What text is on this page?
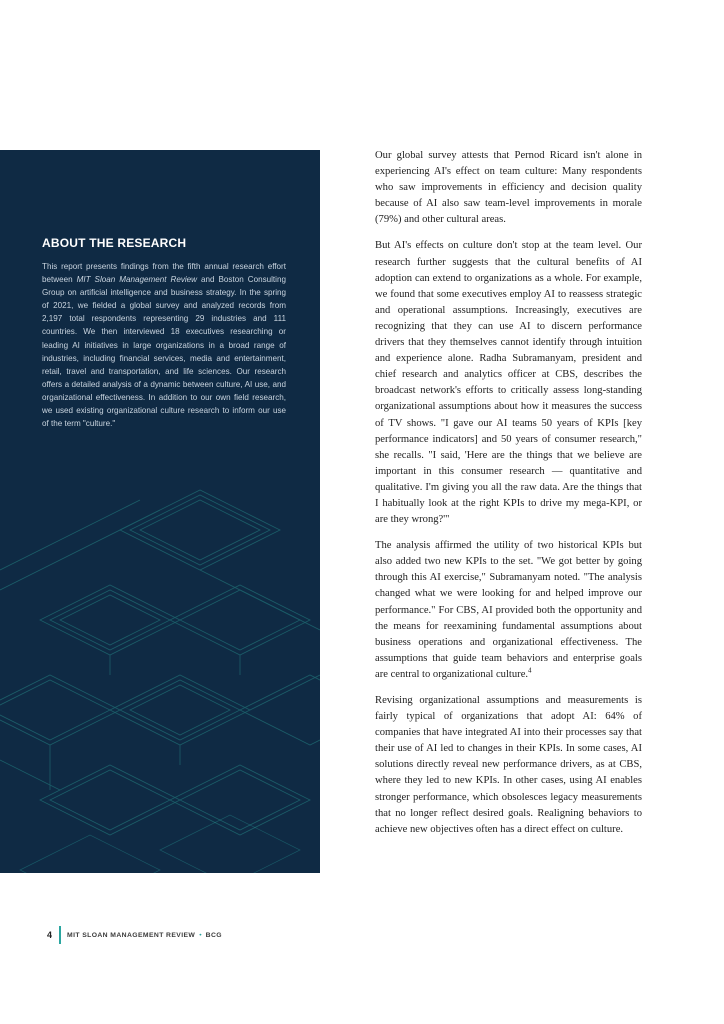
ABOUT THE RESEARCH

This report presents findings from the fifth annual research effort between MIT Sloan Management Review and Boston Consulting Group on artificial intelligence and business strategy. In the spring of 2021, we fielded a global survey and analyzed records from 2,197 total respondents representing 29 industries and 111 countries. We then interviewed 18 executives researching or leading AI initiatives in large organizations in a broad range of industries, including financial services, media and entertainment, retail, travel and transportation, and life sciences. Our research offers a detailed analysis of a dynamic between culture, AI use, and organizational effectiveness. In addition to our own field research, we used existing organizational culture research to inform our use of the term "culture."

Our global survey attests that Pernod Ricard isn't alone in experiencing AI's effect on team culture: Many respondents who saw improvements in efficiency and decision quality because of AI also saw team-level improvements in morale (79%) and other cultural areas.

But AI's effects on culture don't stop at the team level. Our research further suggests that the cultural benefits of AI adoption can extend to organizations as a whole. For example, we found that some executives employ AI to reassess strategic and operational assumptions. Increasingly, executives are recognizing that they can use AI to discern performance drivers that they themselves cannot identify through intuition and experience alone. Radha Subramanyam, president and chief research and analytics officer at CBS, describes the broadcast network's efforts to critically assess long-standing organizational assumptions about how it measures the success of TV shows. "I gave our AI teams 50 years of KPIs [key performance indicators] and 50 years of consumer research," she recalls. "I said, 'Here are the things that we believe are important in this consumer research — quantitative and qualitative. I'm giving you all the raw data. Are the things that I habitually look at the right KPIs to drive my mega-KPI, or are they wrong?'"

The analysis affirmed the utility of two historical KPIs but also added two new KPIs to the set. "We got better by going through this AI exercise," Subramanyam noted. "The analysis changed what we were looking for and helped improve our performance." For CBS, AI provided both the opportunity and the means for reexamining fundamental assumptions about business operations and organizational effectiveness. The assumptions that guide team behaviors and enterprise goals are central to organizational culture.$^4$

Revising organizational assumptions and measurements is fairly typical of organizations that adopt AI: 64% of companies that have integrated AI into their processes say that their use of AI led to changes in their KPIs. In some cases, AI solutions directly reveal new performance drivers, as at CBS, where they led to new KPIs. In other cases, using AI enables stronger performance, which obsolesces legacy measurements that no longer reflect desired goals. Realigning behaviors to achieve new objectives often has a direct effect on culture.

4 MIT SLOAN MANAGEMENT REVIEW • BCG
